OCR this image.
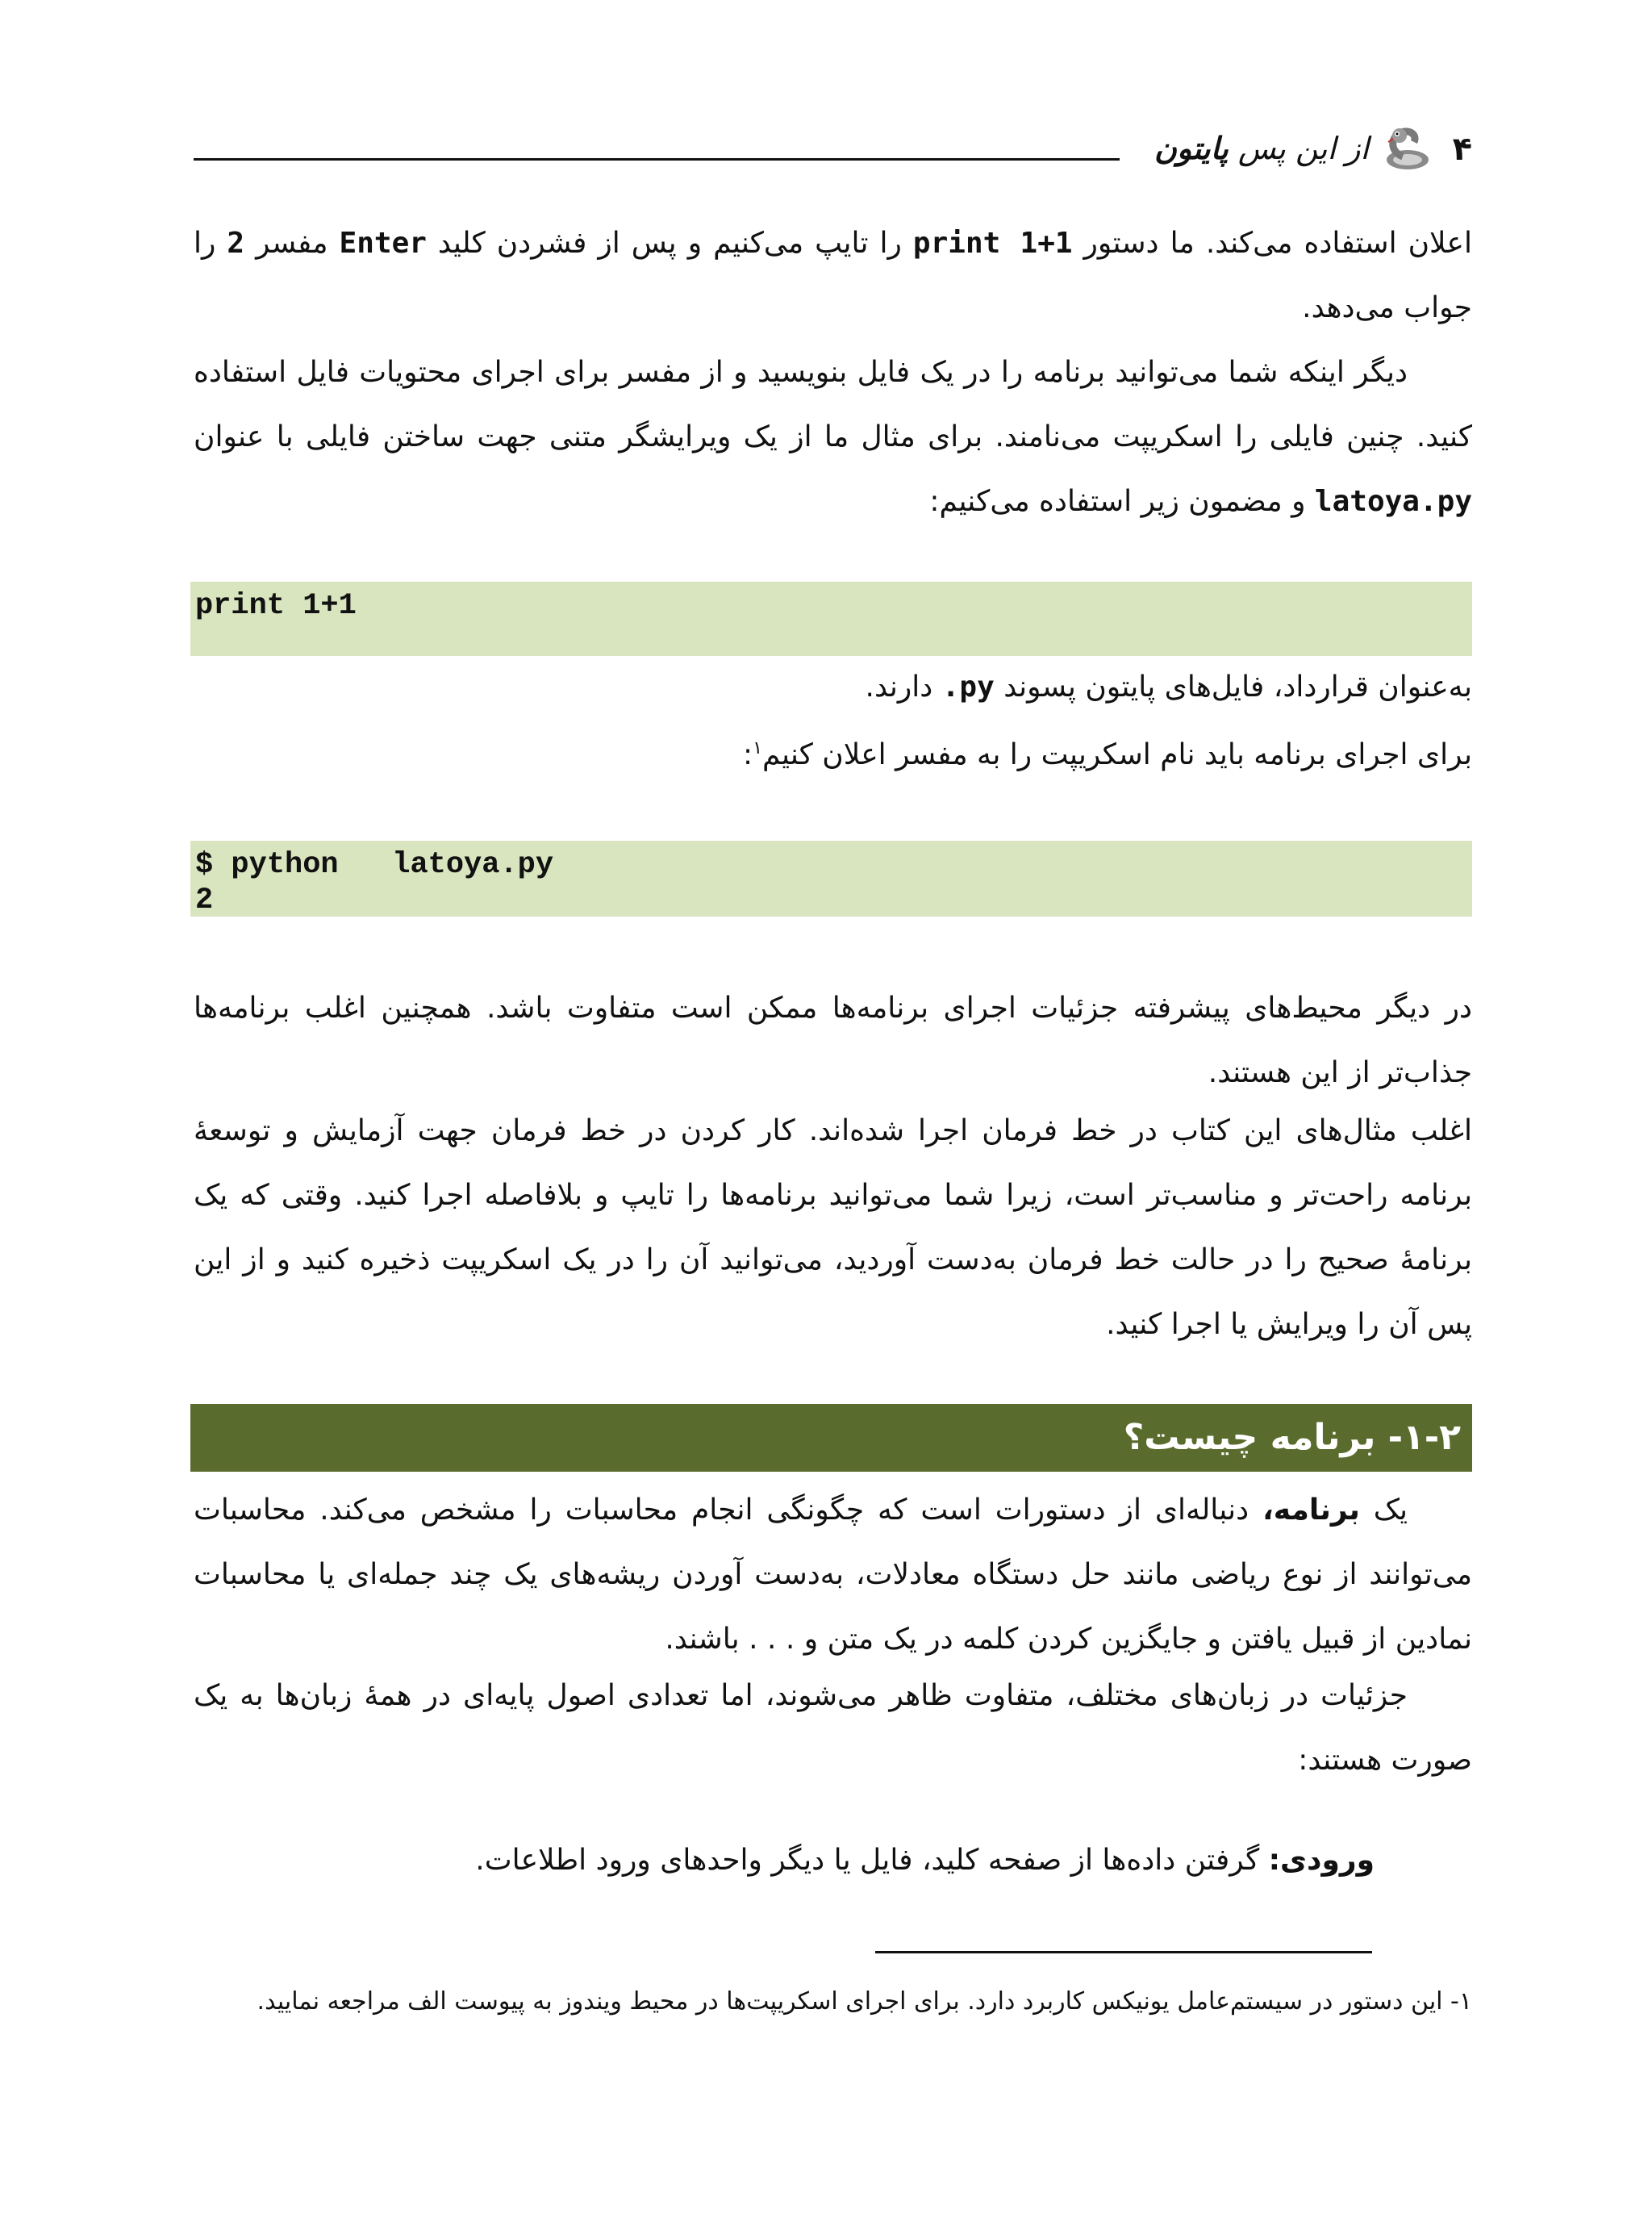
۴
از این پس پایتون
اعلان استفاده می‌کند. ما دستور print 1+1 را تایپ می‌کنیم و پس از فشردن کلید Enter مفسر 2 را جواب می‌دهد.
دیگر اینکه شما می‌توانید برنامه را در یک فایل بنویسید و از مفسر برای اجرای محتویات فایل استفاده کنید. چنین فایلی را اسکریپت می‌نامند. برای مثال ما از یک ویرایشگر متنی جهت ساختن فایلی با عنوان latoya.py و مضمون زیر استفاده می‌کنیم:
print 1+1
به‌عنوان قرارداد، فایل‌های پایتون پسوند .py دارند.
برای اجرای برنامه باید نام اسکریپت را به مفسر اعلان کنیم$^۱$:
$ python   latoya.py
2
در دیگر محیط‌های پیشرفته جزئیات اجرای برنامه‌ها ممکن است متفاوت باشد. همچنین اغلب برنامه‌ها جذاب‌تر از این هستند.
اغلب مثال‌های این کتاب در خط فرمان اجرا شده‌اند. کار کردن در خط فرمان جهت آزمایش و توسعهٔ برنامه راحت‌تر و مناسب‌تر است، زیرا شما می‌توانید برنامه‌ها را تایپ و بلافاصله اجرا کنید. وقتی که یک برنامهٔ صحیح را در حالت خط فرمان به‌دست آوردید، می‌توانید آن را در یک اسکریپت ذخیره کنید و از این پس آن را ویرایش یا اجرا کنید.
۱-۲- برنامه چیست؟
یک برنامه، دنباله‌ای از دستورات است که چگونگی انجام محاسبات را مشخص می‌کند. محاسبات می‌توانند از نوع ریاضی مانند حل دستگاه معادلات، به‌دست آوردن ریشه‌های یک چند جمله‌ای یا محاسبات نمادین از قبیل یافتن و جایگزین کردن کلمه در یک متن و . . . باشند.
جزئیات در زبان‌های مختلف، متفاوت ظاهر می‌شوند، اما تعدادی اصول پایه‌ای در همهٔ زبان‌ها به یک صورت هستند:
ورودی: گرفتن داده‌ها از صفحه کلید، فایل یا دیگر واحدهای ورود اطلاعات.
۱- این دستور در سیستم‌عامل یونیکس کاربرد دارد. برای اجرای اسکریپت‌ها در محیط ویندوز به پیوست الف مراجعه نمایید.
